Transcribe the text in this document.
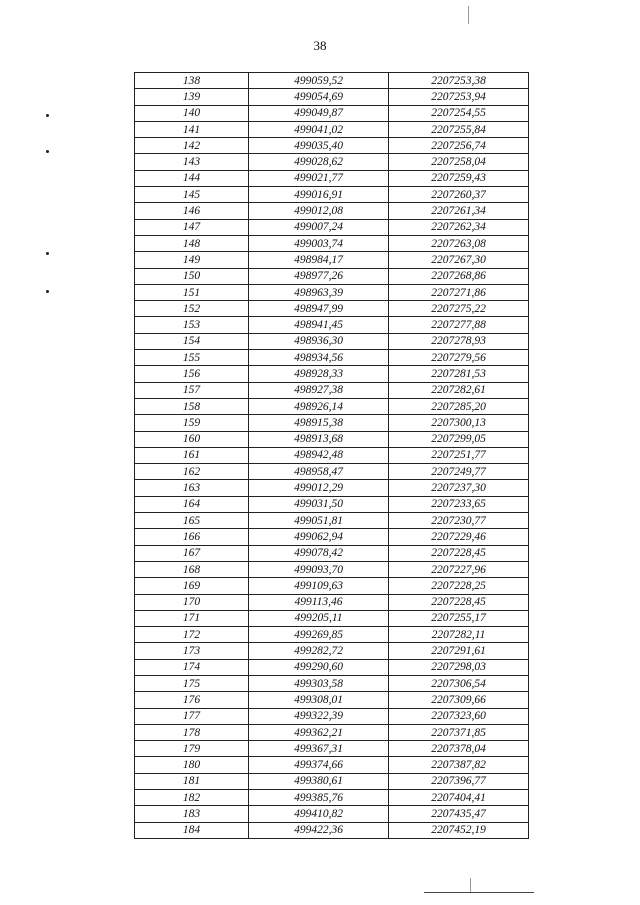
38
138	499059,52	2207253,38
139	499054,69	2207253,94
140	499049,87	2207254,55
141	499041,02	2207255,84
142	499035,40	2207256,74
143	499028,62	2207258,04
144	499021,77	2207259,43
145	499016,91	2207260,37
146	499012,08	2207261,34
147	499007,24	2207262,34
148	499003,74	2207263,08
149	498984,17	2207267,30
150	498977,26	2207268,86
151	498963,39	2207271,86
152	498947,99	2207275,22
153	498941,45	2207277,88
154	498936,30	2207278,93
155	498934,56	2207279,56
156	498928,33	2207281,53
157	498927,38	2207282,61
158	498926,14	2207285,20
159	498915,38	2207300,13
160	498913,68	2207299,05
161	498942,48	2207251,77
162	498958,47	2207249,77
163	499012,29	2207237,30
164	499031,50	2207233,65
165	499051,81	2207230,77
166	499062,94	2207229,46
167	499078,42	2207228,45
168	499093,70	2207227,96
169	499109,63	2207228,25
170	499113,46	2207228,45
171	499205,11	2207255,17
172	499269,85	2207282,11
173	499282,72	2207291,61
174	499290,60	2207298,03
175	499303,58	2207306,54
176	499308,01	2207309,66
177	499322,39	2207323,60
178	499362,21	2207371,85
179	499367,31	2207378,04
180	499374,66	2207387,82
181	499380,61	2207396,77
182	499385,76	2207404,41
183	499410,82	2207435,47
184	499422,36	2207452,19
